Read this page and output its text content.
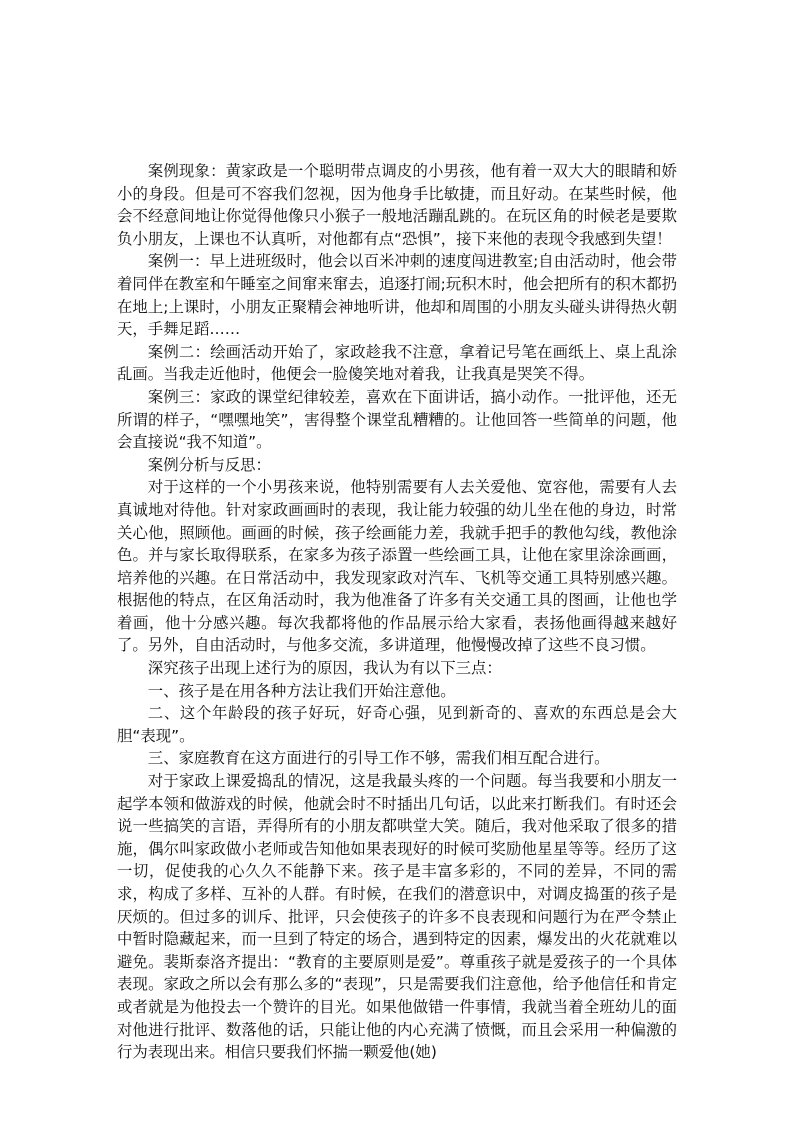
案例现象：黄家政是一个聪明带点调皮的小男孩，他有着一双大大的眼睛和娇小的身段。但是可不容我们忽视，因为他身手比敏捷，而且好动。在某些时候，他会不经意间地让你觉得他像只小猴子一般地活蹦乱跳的。在玩区角的时候老是要欺负小朋友，上课也不认真听，对他都有点“恐惧”，接下来他的表现令我感到失望！

案例一：早上进班级时，他会以百米冲刺的速度闯进教室;自由活动时，他会带着同伴在教室和午睡室之间窜来窜去，追逐打闹;玩积木时，他会把所有的积木都扔在地上;上课时，小朋友正聚精会神地听讲，他却和周围的小朋友头碰头讲得热火朝天，手舞足蹈……

案例二：绘画活动开始了，家政趁我不注意，拿着记号笔在画纸上、桌上乱涂乱画。当我走近他时，他便会一脸傻笑地对着我，让我真是哭笑不得。

案例三：家政的课堂纪律较差，喜欢在下面讲话，搞小动作。一批评他，还无所谓的样子，“嘿嘿地笑”，害得整个课堂乱糟糟的。让他回答一些简单的问题，他会直接说“我不知道”。

案例分析与反思：

对于这样的一个小男孩来说，他特别需要有人去关爱他、宽容他，需要有人去真诚地对待他。针对家政画画时的表现，我让能力较强的幼儿坐在他的身边，时常关心他，照顾他。画画的时候，孩子绘画能力差，我就手把手的教他勾线，教他涂色。并与家长取得联系，在家多为孩子添置一些绘画工具，让他在家里涂涂画画，培养他的兴趣。在日常活动中，我发现家政对汽车、飞机等交通工具特别感兴趣。根据他的特点，在区角活动时，我为他准备了许多有关交通工具的图画，让他也学着画，他十分感兴趣。每次我都将他的作品展示给大家看，表扬他画得越来越好了。另外，自由活动时，与他多交流，多讲道理，他慢慢改掉了这些不良习惯。

深究孩子出现上述行为的原因，我认为有以下三点：

一、孩子是在用各种方法让我们开始注意他。

二、这个年龄段的孩子好玩，好奇心强，见到新奇的、喜欢的东西总是会大胆“表现”。

三、家庭教育在这方面进行的引导工作不够，需我们相互配合进行。

对于家政上课爱捣乱的情况，这是我最头疼的一个问题。每当我要和小朋友一起学本领和做游戏的时候，他就会时不时插出几句话，以此来打断我们。有时还会说一些搞笑的言语，弄得所有的小朋友都哄堂大笑。随后，我对他采取了很多的措施，偶尔叫家政做小老师或告知他如果表现好的时候可奖励他星星等等。经历了这一切，促使我的心久久不能静下来。孩子是丰富多彩的，不同的差异，不同的需求，构成了多样、互补的人群。有时候，在我们的潜意识中，对调皮捣蛋的孩子是厌烦的。但过多的训斥、批评，只会使孩子的许多不良表现和问题行为在严令禁止中暂时隐藏起来，而一旦到了特定的场合，遇到特定的因素，爆发出的火花就难以避免。裴斯泰洛齐提出：“教育的主要原则是爱”。尊重孩子就是爱孩子的一个具体表现。家政之所以会有那么多的“表现”，只是需要我们注意他，给予他信任和肯定或者就是为他投去一个赞许的目光。如果他做错一件事情，我就当着全班幼儿的面对他进行批评、数落他的话，只能让他的内心充满了愤慨，而且会采用一种偏激的行为表现出来。相信只要我们怀揣一颗爱他(她)
